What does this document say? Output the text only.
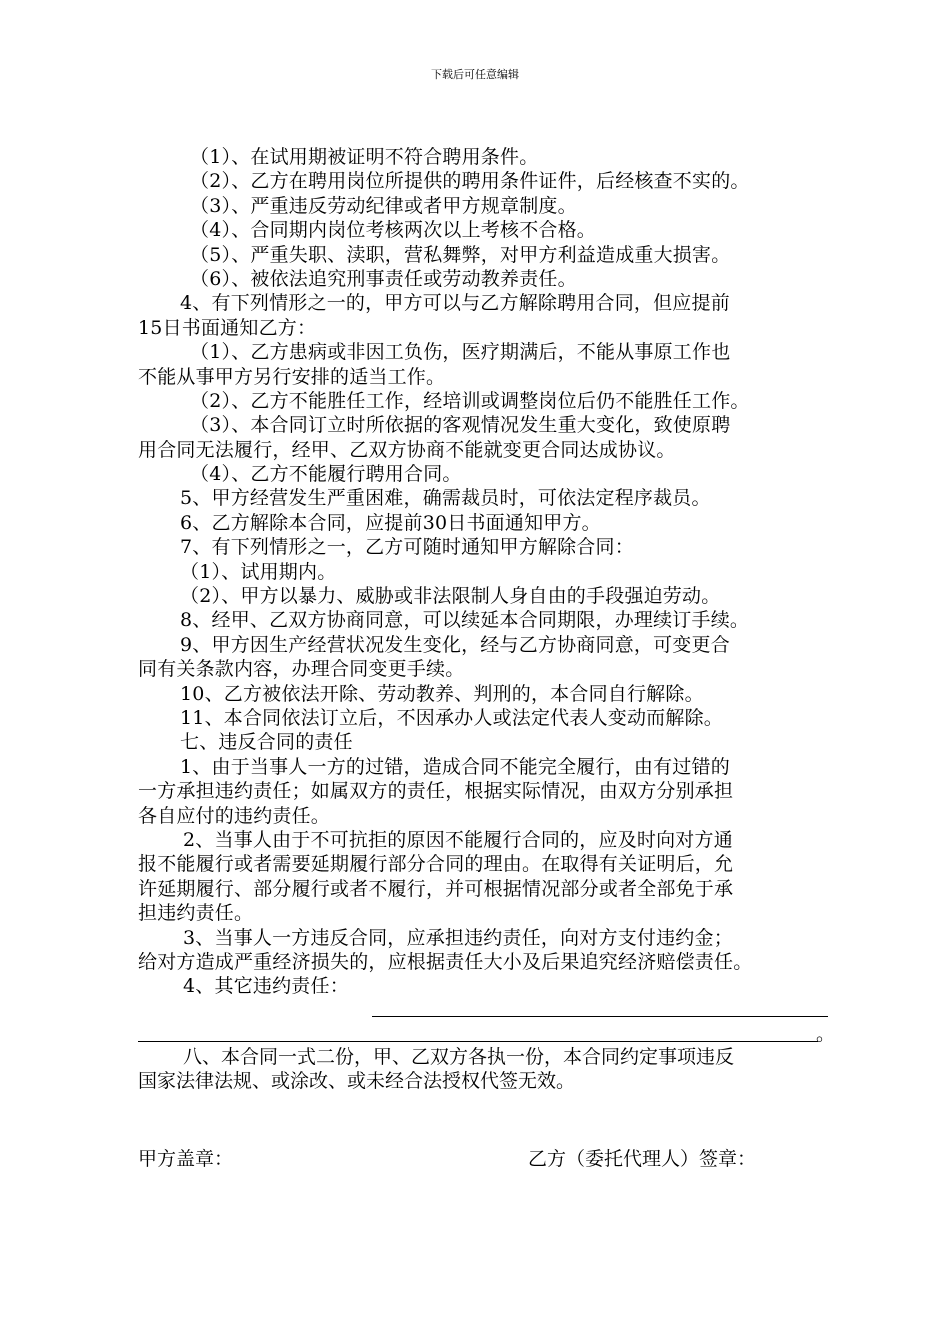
下载后可任意编辑
（1）、在试用期被证明不符合聘用条件。
（2）、乙方在聘用岗位所提供的聘用条件证件，后经核查不实的。
（3）、严重违反劳动纪律或者甲方规章制度。
（4）、合同期内岗位考核两次以上考核不合格。
（5）、严重失职、渎职，营私舞弊，对甲方利益造成重大损害。
（6）、被依法追究刑事责任或劳动教养责任。
4、有下列情形之一的，甲方可以与乙方解除聘用合同，但应提前
15日书面通知乙方：
（1）、乙方患病或非因工负伤，医疗期满后，不能从事原工作也
不能从事甲方另行安排的适当工作。
（2）、乙方不能胜任工作，经培训或调整岗位后仍不能胜任工作。
（3）、本合同订立时所依据的客观情况发生重大变化，致使原聘
用合同无法履行，经甲、乙双方协商不能就变更合同达成协议。
（4）、乙方不能履行聘用合同。
5、甲方经营发生严重困难，确需裁员时，可依法定程序裁员。
6、乙方解除本合同，应提前30日书面通知甲方。
7、有下列情形之一，乙方可随时通知甲方解除合同：
（1）、试用期内。
（2）、甲方以暴力、威胁或非法限制人身自由的手段强迫劳动。
8、经甲、乙双方协商同意，可以续延本合同期限，办理续订手续。
9、甲方因生产经营状况发生变化，经与乙方协商同意，可变更合
同有关条款内容，办理合同变更手续。
10、乙方被依法开除、劳动教养、判刑的，本合同自行解除。
11、本合同依法订立后，不因承办人或法定代表人变动而解除。
七、违反合同的责任
1、由于当事人一方的过错，造成合同不能完全履行，由有过错的
一方承担违约责任；如属双方的责任，根据实际情况，由双方分别承担
各自应付的违约责任。
2、当事人由于不可抗拒的原因不能履行合同的，应及时向对方通
报不能履行或者需要延期履行部分合同的理由。在取得有关证明后，允
许延期履行、部分履行或者不履行，并可根据情况部分或者全部免于承
担违约责任。
3、当事人一方违反合同，应承担违约责任，向对方支付违约金；
给对方造成严重经济损失的，应根据责任大小及后果追究经济赔偿责任。
4、其它违约责任：
。
八、本合同一式二份，甲、乙双方各执一份，本合同约定事项违反
国家法律法规、或涂改、或未经合法授权代签无效。
甲方盖章：	乙方（委托代理人）签章：
